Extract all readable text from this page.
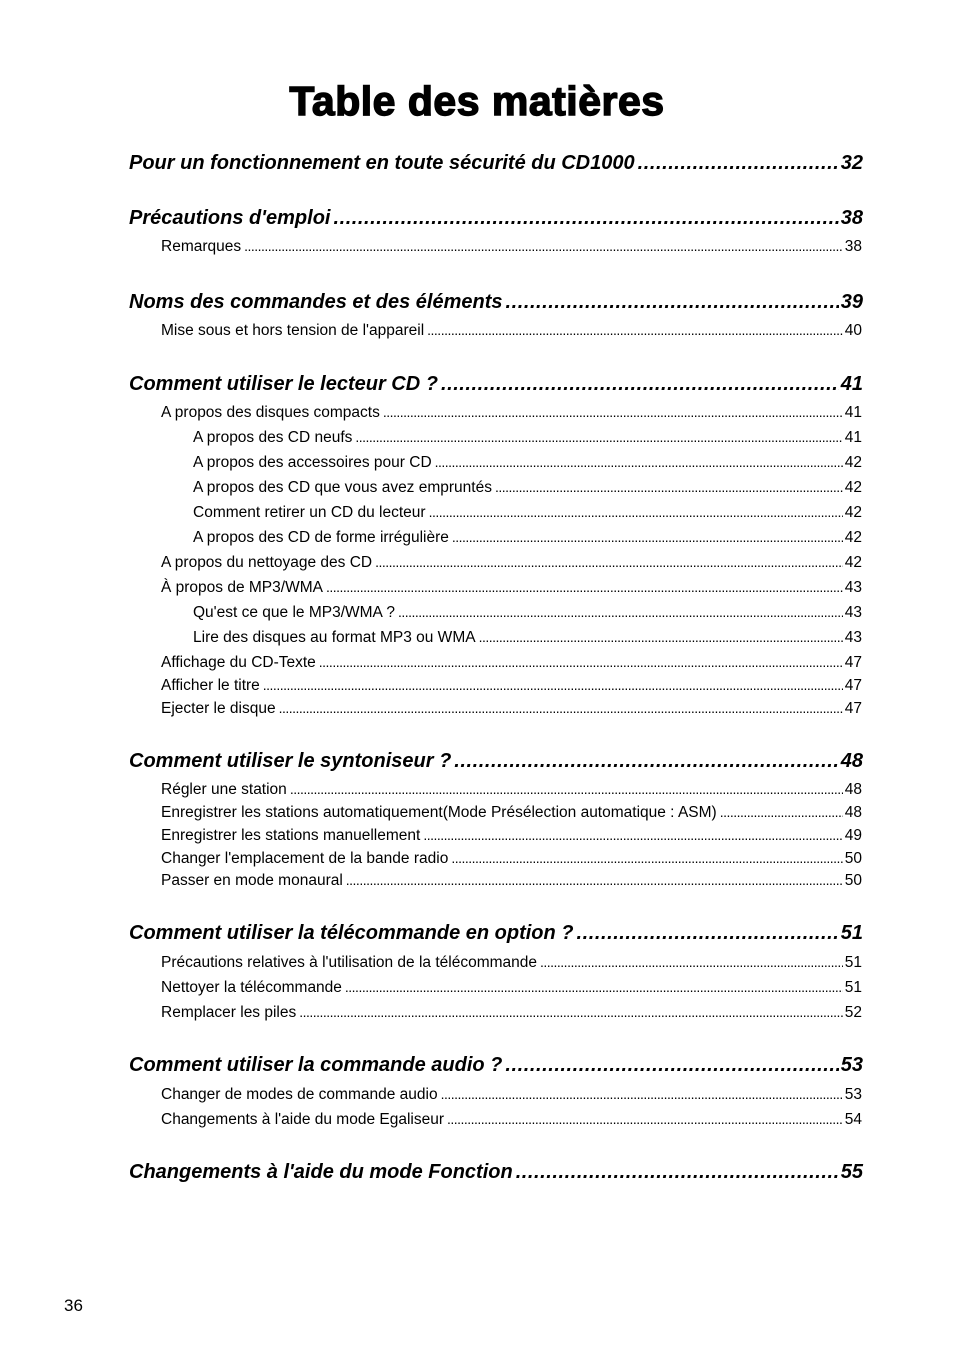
Table des matières
Pour un fonctionnement en toute sécurité du CD1000 . . .	32
Précautions d'emploi . . .	38
Remarques . . .	38
Noms des commandes et des éléments . . .	39
Mise sous et hors tension de l'appareil . . .	40
Comment utiliser le lecteur CD ? . . .	41
A propos des disques compacts . . .	41
A propos des CD neufs . . .	41
A propos des accessoires pour CD . . .	42
A propos des CD que vous avez empruntés . . .	42
Comment retirer un CD du lecteur . . .	42
A propos des CD de forme irrégulière . . .	42
A propos du nettoyage des CD . . .	42
À propos de MP3/WMA . . .	43
Qu'est ce que le MP3/WMA ? . . .	43
Lire des disques au format MP3 ou WMA . . .	43
Affichage du CD-Texte . . .	47
Afficher le titre . . .	47
Ejecter le disque . . .	47
Comment utiliser le syntoniseur ? . . .	48
Régler une station . . .	48
Enregistrer les stations automatiquement(Mode Présélection automatique : ASM) . . .	48
Enregistrer les stations manuellement . . .	49
Changer l'emplacement de la bande radio . . .	50
Passer en mode monaural . . .	50
Comment utiliser la télécommande en option ? . . .	51
Précautions relatives à l'utilisation de la télécommande . . .	51
Nettoyer la télécommande . . .	51
Remplacer les piles . . .	52
Comment utiliser la commande audio ? . . .	53
Changer de modes de commande audio . . .	53
Changements à l'aide du mode Egaliseur . . .	54
Changements à l'aide du mode Fonction . . .	55
36
